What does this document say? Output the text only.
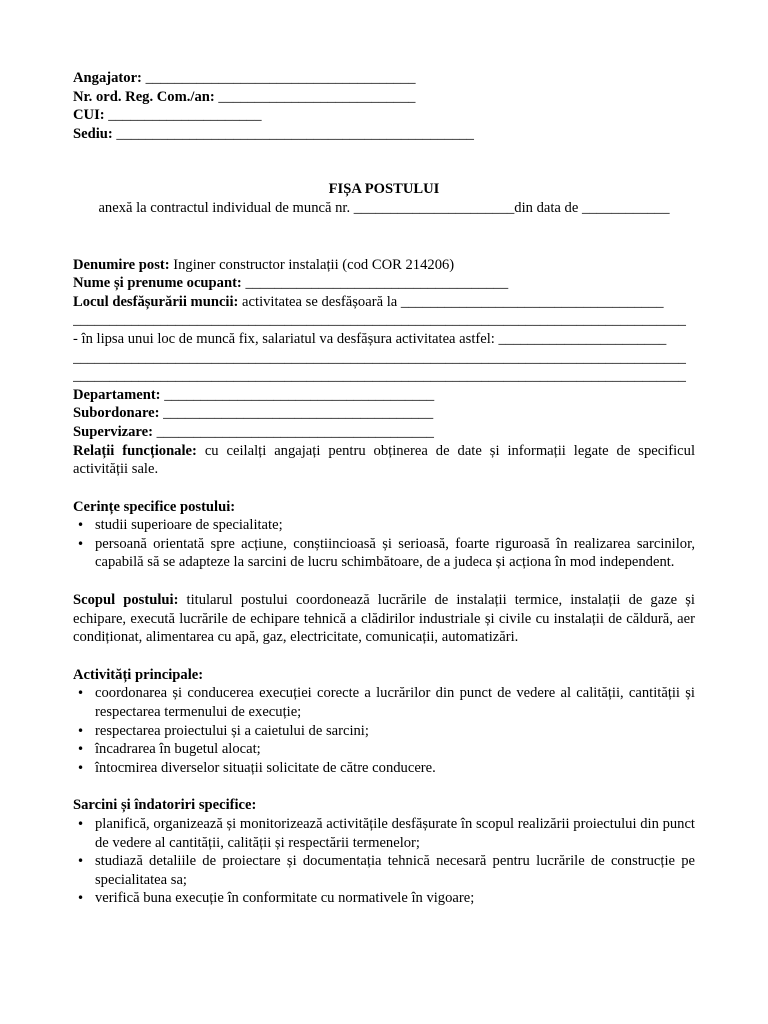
Angajator: _____________________________________
Nr. ord. Reg. Com./an: ___________________________
CUI: _____________________
Sediu: _________________________________________________
FIȘA POSTULUI
anexă la contractul individual de muncă nr. ______________________din data de ____________
Denumire post: Inginer constructor instalații (cod COR 214206)
Nume și prenume ocupant: ____________________________________
Locul desfășurării muncii: activitatea se desfășoară la ____________________________________
____________________________________________________________________________________
- în lipsa unui loc de muncă fix, salariatul va desfășura activitatea astfel: _______________________
____________________________________________________________________________________
____________________________________________________________________________________
Departament: _____________________________________
Subordonare: _____________________________________
Supervizare: ______________________________________
Relații funcționale: cu ceilalți angajați pentru obținerea de date și informații legate de specificul activității sale.
Cerințe specifice postului:
• studii superioare de specialitate;
• persoană orientată spre acțiune, conștiincioasă și serioasă, foarte riguroasă în realizarea sarcinilor, capabilă să se adapteze la sarcini de lucru schimbătoare, de a judeca și acționa în mod independent.
Scopul postului: titularul postului coordonează lucrările de instalații termice, instalații de gaze și echipare, execută lucrările de echipare tehnică a clădirilor industriale și civile cu instalații de căldură, aer condiționat, alimentarea cu apă, gaz, electricitate, comunicații, automatizări.
Activități principale:
• coordonarea și conducerea execuției corecte a lucrărilor din punct de vedere al calității, cantității și respectarea termenului de execuție;
• respectarea proiectului și a caietului de sarcini;
• încadrarea în bugetul alocat;
• întocmirea diverselor situații solicitate de către conducere.
Sarcini și îndatoriri specifice:
• planifică, organizează și monitorizează activitățile desfășurate în scopul realizării proiectului din punct de vedere al cantității, calității și respectării termenelor;
• studiază detaliile de proiectare și documentația tehnică necesară pentru lucrările de construcție pe specialitatea sa;
• verifică buna execuție în conformitate cu normativele în vigoare;
